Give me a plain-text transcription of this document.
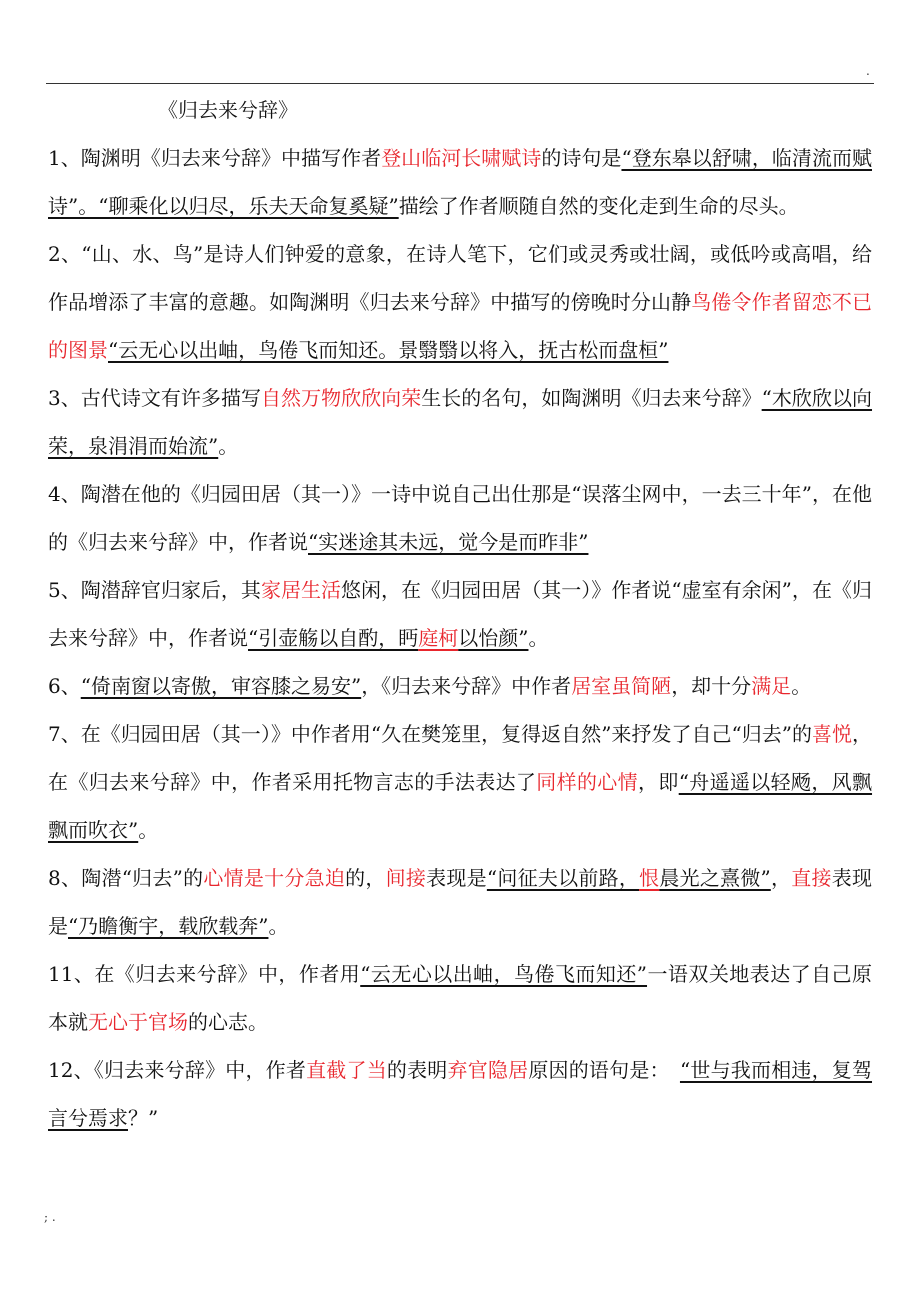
.
《归去来兮辞》

1、陶渊明《归去来兮辞》中描写作者登山临河长啸赋诗的诗句是“登东皋以舒啸，临清流而赋诗”。“聊乘化以归尽，乐夫天命复奚疑”描绘了作者顺随自然的变化走到生命的尽头。

2、“山、水、鸟”是诗人们钟爱的意象，在诗人笔下，它们或灵秀或壮阔，或低吟或高唱，给作品增添了丰富的意趣。如陶渊明《归去来兮辞》中描写的傍晚时分山静鸟倦令作者留恋不已的图景“云无心以出岫，鸟倦飞而知还。景翳翳以将入，抚古松而盘桓”

3、古代诗文有许多描写自然万物欣欣向荣生长的名句，如陶渊明《归去来兮辞》“木欣欣以向荣，泉涓涓而始流”。

4、陶潜在他的《归园田居（其一）》一诗中说自己出仕那是“误落尘网中，一去三十年”，在他的《归去来兮辞》中，作者说“实迷途其未远，觉今是而昨非”

5、陶潜辞官归家后，其家居生活悠闲，在《归园田居（其一）》作者说“虚室有余闲”，在《归去来兮辞》中，作者说“引壶觞以自酌，眄庭柯以怡颜”。

6、“倚南窗以寄傲，审容膝之易安”，《归去来兮辞》中作者居室虽简陋，却十分满足。

7、在《归园田居（其一）》中作者用“久在樊笼里，复得返自然”来抒发了自己“归去”的喜悦，在《归去来兮辞》中，作者采用托物言志的手法表达了同样的心情，即“舟遥遥以轻飏，风飘飘而吹衣”。

8、陶潜“归去”的心情是十分急迫的，间接表现是“问征夫以前路，恨晨光之熹微”，直接表现是“乃瞻衡宇，载欣载奔”。

11、在《归去来兮辞》中，作者用“云无心以出岫，鸟倦飞而知还”一语双关地表达了自己原本就无心于官场的心志。

12、《归去来兮辞》中，作者直截了当的表明弃官隐居原因的语句是：　“世与我而相违，复驾言兮焉求？”

; .
